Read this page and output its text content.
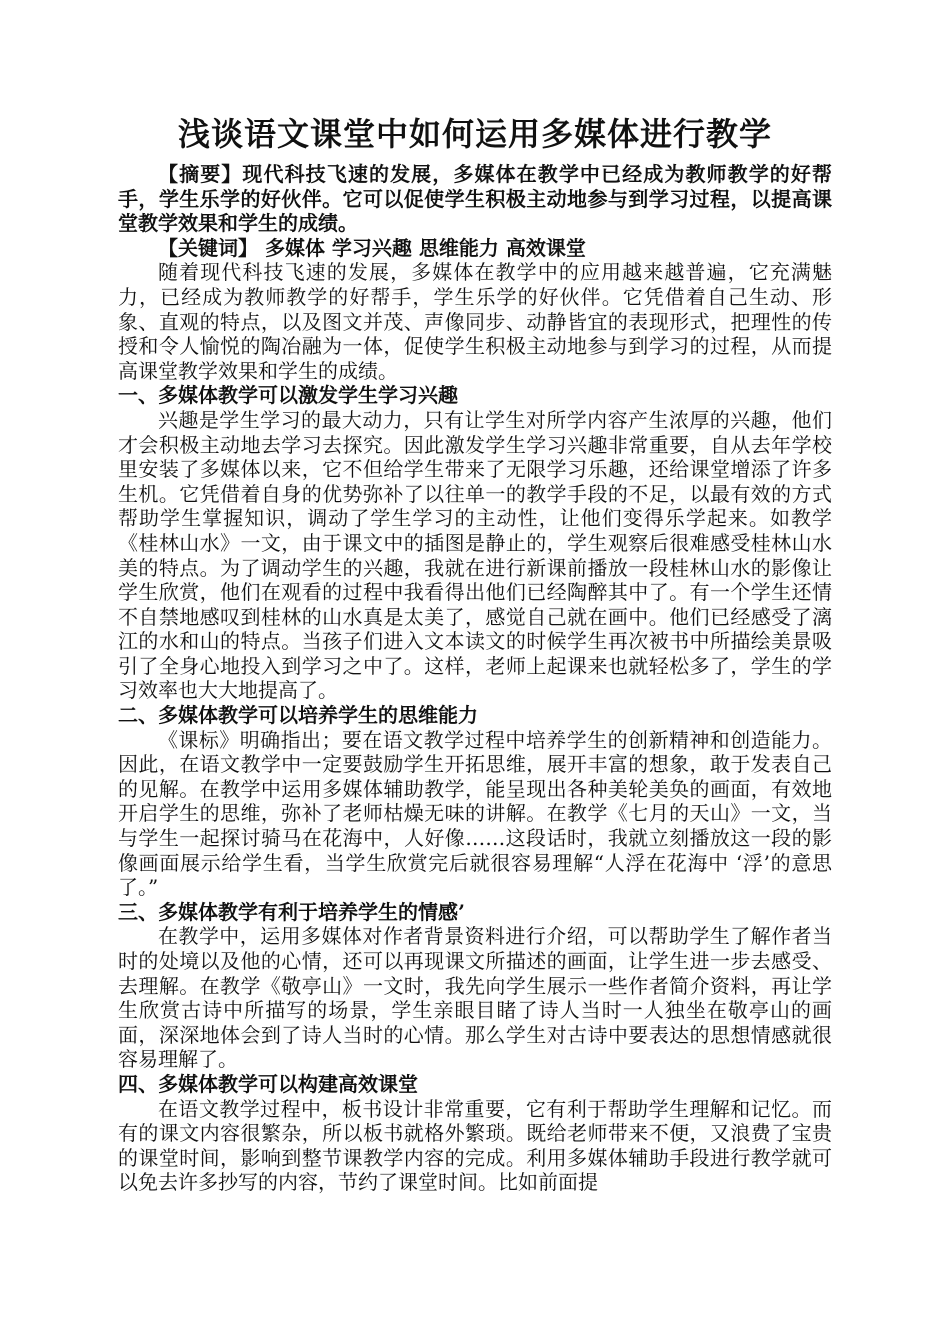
浅谈语文课堂中如何运用多媒体进行教学

【摘要】现代科技飞速的发展，多媒体在教学中已经成为教师教学的好帮手，学生乐学的好伙伴。它可以促使学生积极主动地参与到学习过程，以提高课堂教学效果和学生的成绩。

【关键词】 多媒体 学习兴趣 思维能力 高效课堂

随着现代科技飞速的发展，多媒体在教学中的应用越来越普遍，它充满魅力，已经成为教师教学的好帮手，学生乐学的好伙伴。它凭借着自己生动、形象、直观的特点，以及图文并茂、声像同步、动静皆宜的表现形式，把理性的传授和令人愉悦的陶冶融为一体，促使学生积极主动地参与到学习的过程，从而提高课堂教学效果和学生的成绩。

一、多媒体教学可以激发学生学习兴趣

兴趣是学生学习的最大动力，只有让学生对所学内容产生浓厚的兴趣，他们才会积极主动地去学习去探究。因此激发学生学习兴趣非常重要，自从去年学校里安装了多媒体以来，它不但给学生带来了无限学习乐趣，还给课堂增添了许多生机。它凭借着自身的优势弥补了以往单一的教学手段的不足，以最有效的方式帮助学生掌握知识，调动了学生学习的主动性，让他们变得乐学起来。如教学《桂林山水》一文，由于课文中的插图是静止的，学生观察后很难感受桂林山水美的特点。为了调动学生的兴趣，我就在进行新课前播放一段桂林山水的影像让学生欣赏，他们在观看的过程中我看得出他们已经陶醉其中了。有一个学生还情不自禁地感叹到桂林的山水真是太美了，感觉自己就在画中。他们已经感受了漓江的水和山的特点。当孩子们进入文本读文的时候学生再次被书中所描绘美景吸引了全身心地投入到学习之中了。这样，老师上起课来也就轻松多了，学生的学习效率也大大地提高了。

二、多媒体教学可以培养学生的思维能力

《课标》明确指出；要在语文教学过程中培养学生的创新精神和创造能力。因此，在语文教学中一定要鼓励学生开拓思维，展开丰富的想象，敢于发表自己的见解。在教学中运用多媒体辅助教学，能呈现出各种美轮美奂的画面，有效地开启学生的思维，弥补了老师枯燥无味的讲解。在教学《七月的天山》一文，当与学生一起探讨骑马在花海中，人好像……这段话时，我就立刻播放这一段的影像画面展示给学生看，当学生欣赏完后就很容易理解“人浮在花海中 ‘浮’的意思了。”

三、多媒体教学有利于培养学生的情感’

在教学中，运用多媒体对作者背景资料进行介绍，可以帮助学生了解作者当时的处境以及他的心情，还可以再现课文所描述的画面，让学生进一步去感受、去理解。在教学《敬亭山》一文时，我先向学生展示一些作者简介资料，再让学生欣赏古诗中所描写的场景，学生亲眼目睹了诗人当时一人独坐在敬亭山的画面，深深地体会到了诗人当时的心情。那么学生对古诗中要表达的思想情感就很容易理解了。

四、多媒体教学可以构建高效课堂

在语文教学过程中，板书设计非常重要，它有利于帮助学生理解和记忆。而有的课文内容很繁杂，所以板书就格外繁琐。既给老师带来不便，又浪费了宝贵的课堂时间，影响到整节课教学内容的完成。利用多媒体辅助手段进行教学就可以免去许多抄写的内容，节约了课堂时间。比如前面提
